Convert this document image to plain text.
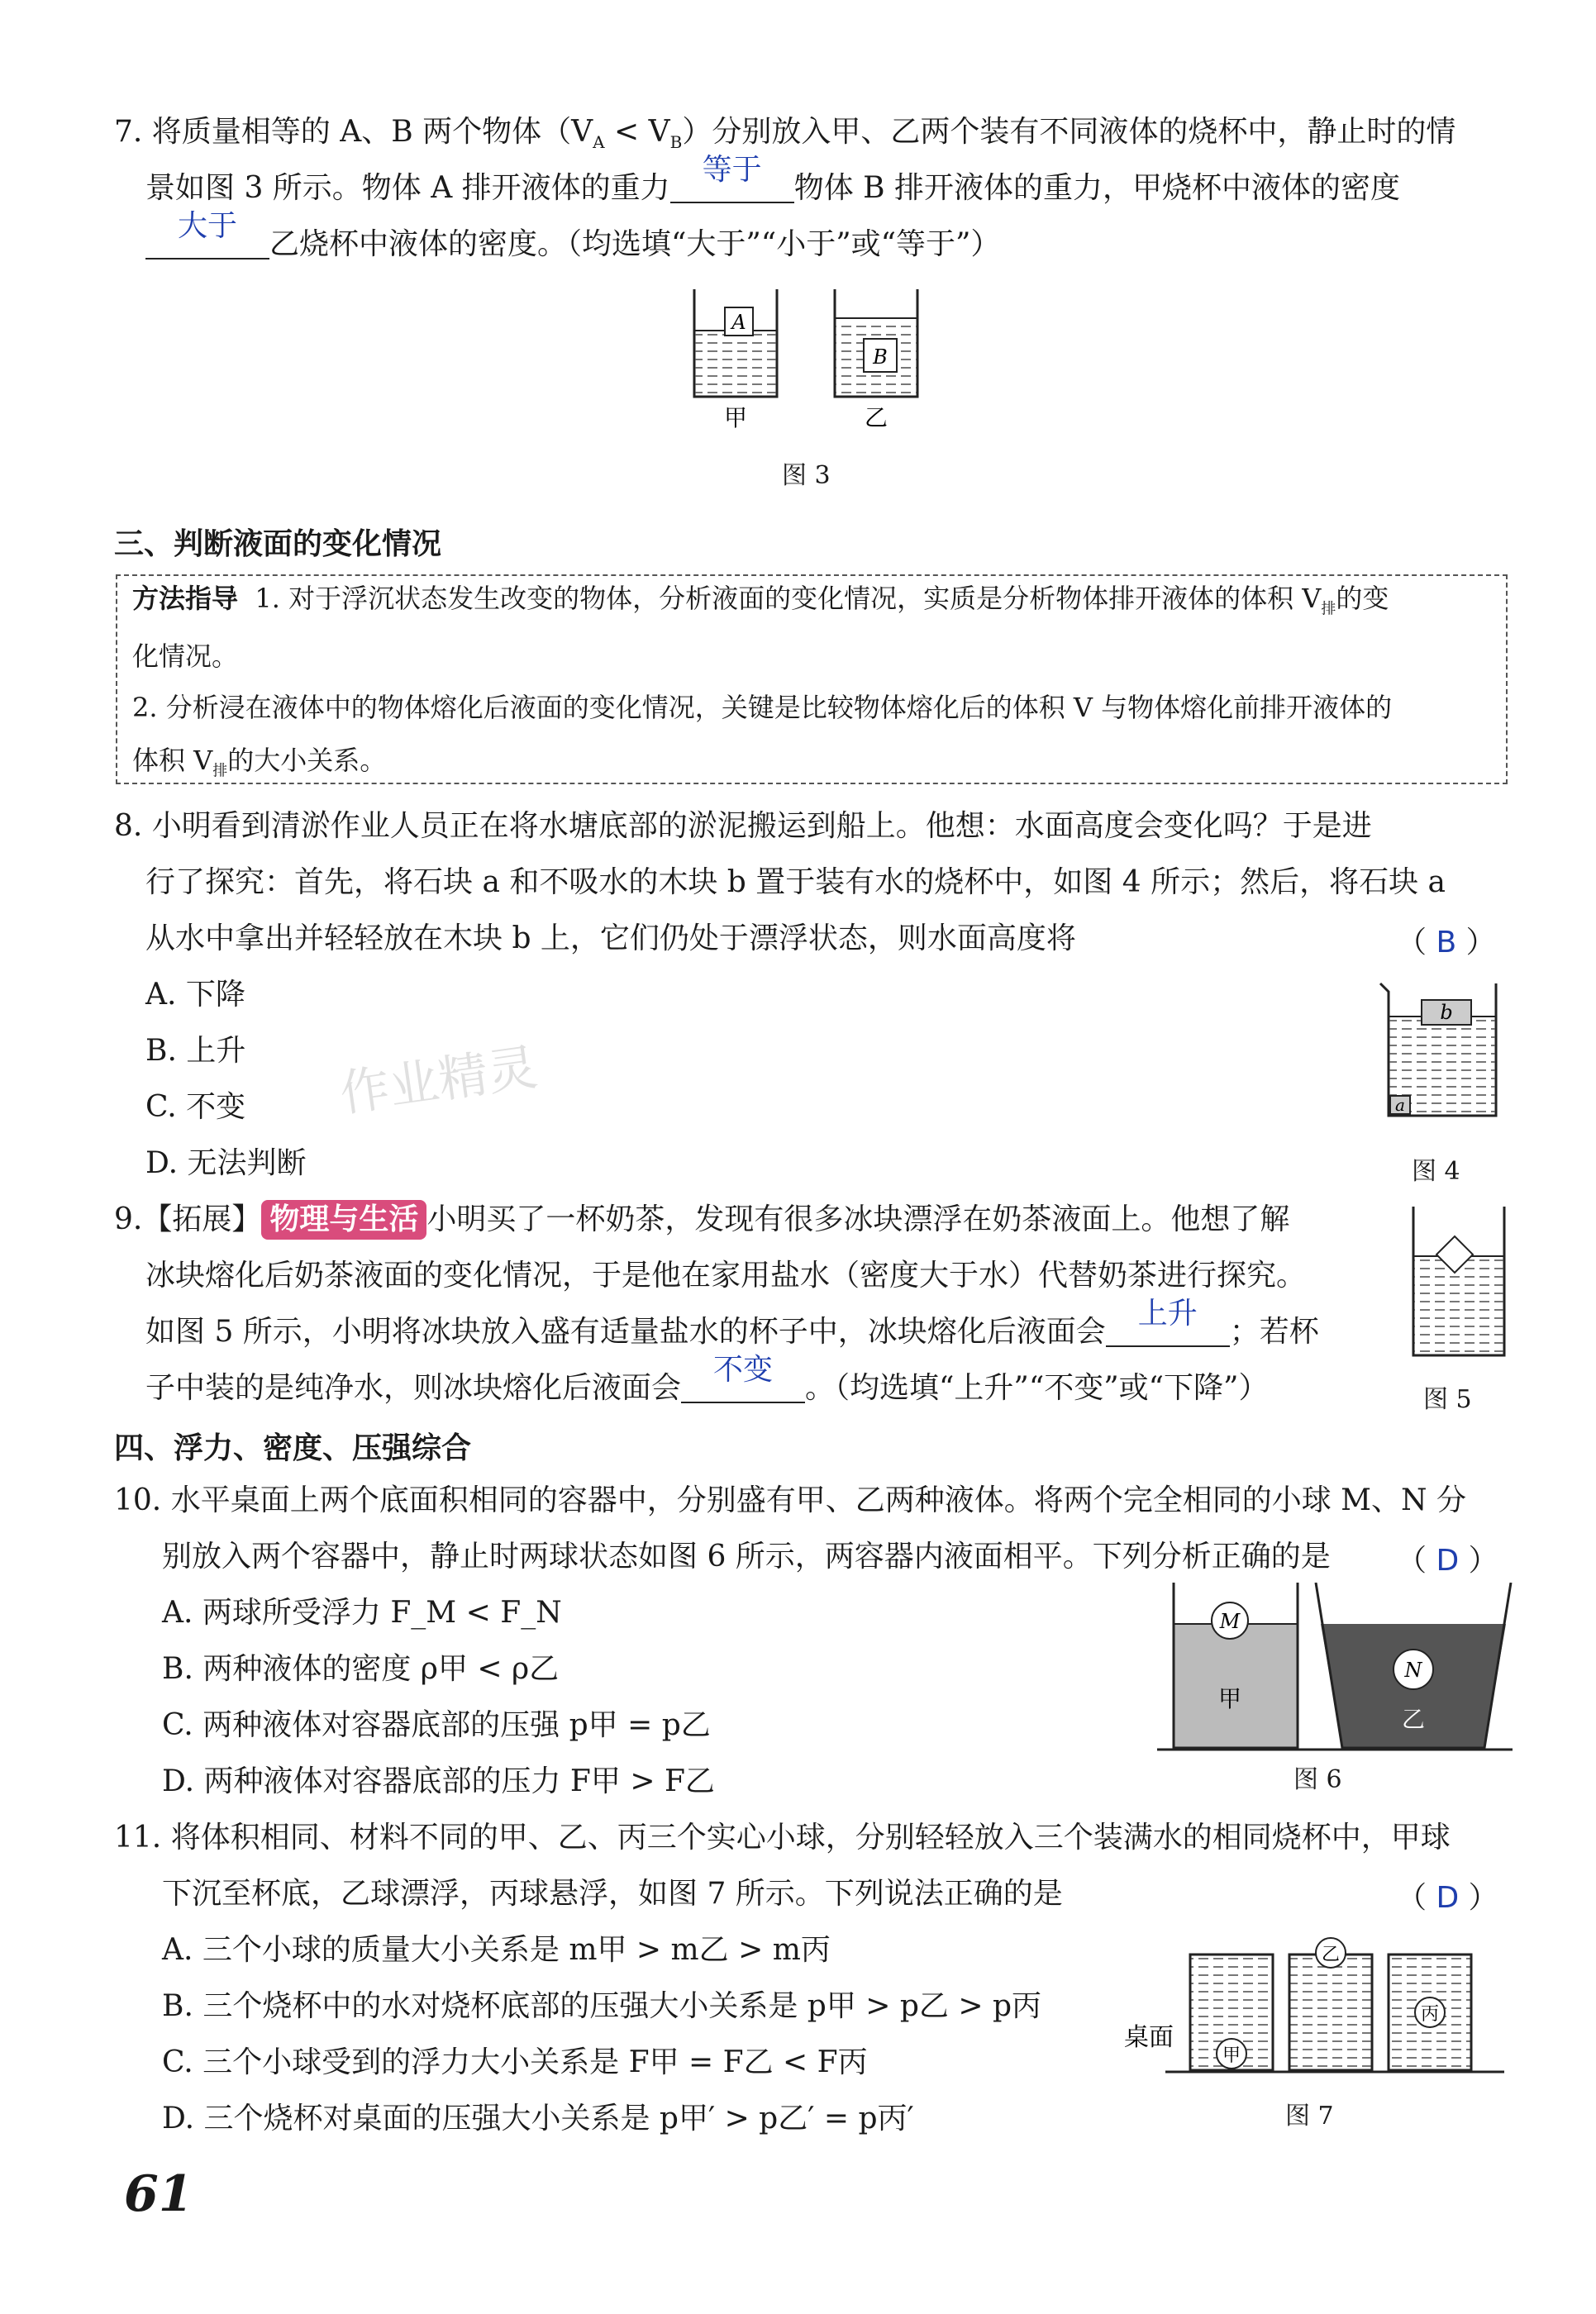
7. 将质量相等的 A、B 两个物体$(V_A < V_B)$分别放入甲、乙两个装有不同液体的烧杯中，静止时的情
景如图 3 所示。物体 A 排开液体的重力等于物体 B 排开液体的重力，甲烧杯中液体的密度
大于乙烧杯中液体的密度。（均选填“大于”“小于”或“等于”）
A
B
甲	乙
图 3
三、判断液面的变化情况
方法指导 1. 对于浮沉状态发生改变的物体，分析液面的变化情况，实质是分析物体排开液体的体积 $V_排$的变
化情况。
2. 分析浸在液体中的物体熔化后液面的变化情况，关键是比较物体熔化后的体积 V 与物体熔化前排开液体的
体积 $V_排$的大小关系。
8. 小明看到清淤作业人员正在将水塘底部的淤泥搬运到船上。他想：水面高度会变化吗？于是进
行了探究：首先，将石块 a 和不吸水的木块 b 置于装有水的烧杯中，如图 4 所示；然后，将石块 a
从水中拿出并轻轻放在木块 b 上，它们仍处于漂浮状态，则水面高度将	（ B ）
A. 下降
B. 上升
C. 不变
D. 无法判断
作业精灵
b
a
图 4
9.【拓展】 物理与生活 小明买了一杯奶茶，发现有很多冰块漂浮在奶茶液面上。他想了解
冰块熔化后奶茶液面的变化情况，于是他在家用盐水（密度大于水）代替奶茶进行探究。
如图 5 所示，小明将冰块放入盛有适量盐水的杯子中，冰块熔化后液面会上升；若杯
子中装的是纯净水，则冰块熔化后液面会不变。（均选填“上升”“不变”或“下降”）	图 5
四、浮力、密度、压强综合
10. 水平桌面上两个底面积相同的容器中，分别盛有甲、乙两种液体。将两个完全相同的小球 M、N 分
别放入两个容器中，静止时两球状态如图 6 所示，两容器内液面相平。下列分析正确的是 （ D ）
A. 两球所受浮力 F_M < F_N
B. 两种液体的密度 ρ甲 < ρ乙
C. 两种液体对容器底部的压强 p甲 = p乙
D. 两种液体对容器底部的压力 F甲 > F乙
M
甲
N
乙
图 6
11. 将体积相同、材料不同的甲、乙、丙三个实心小球，分别轻轻放入三个装满水的相同烧杯中，甲球
下沉至杯底，乙球漂浮，丙球悬浮，如图 7 所示。下列说法正确的是	（ D ）
A. 三个小球的质量大小关系是 m甲 > m乙 > m丙
B. 三个烧杯中的水对烧杯底部的压强大小关系是 p甲 > p乙 > p丙
C. 三个小球受到的浮力大小关系是 F甲 = F乙 < F丙
D. 三个烧杯对桌面的压强大小关系是 p甲′ > p乙′ = p丙′
甲
乙
丙
桌面
图 7
61
